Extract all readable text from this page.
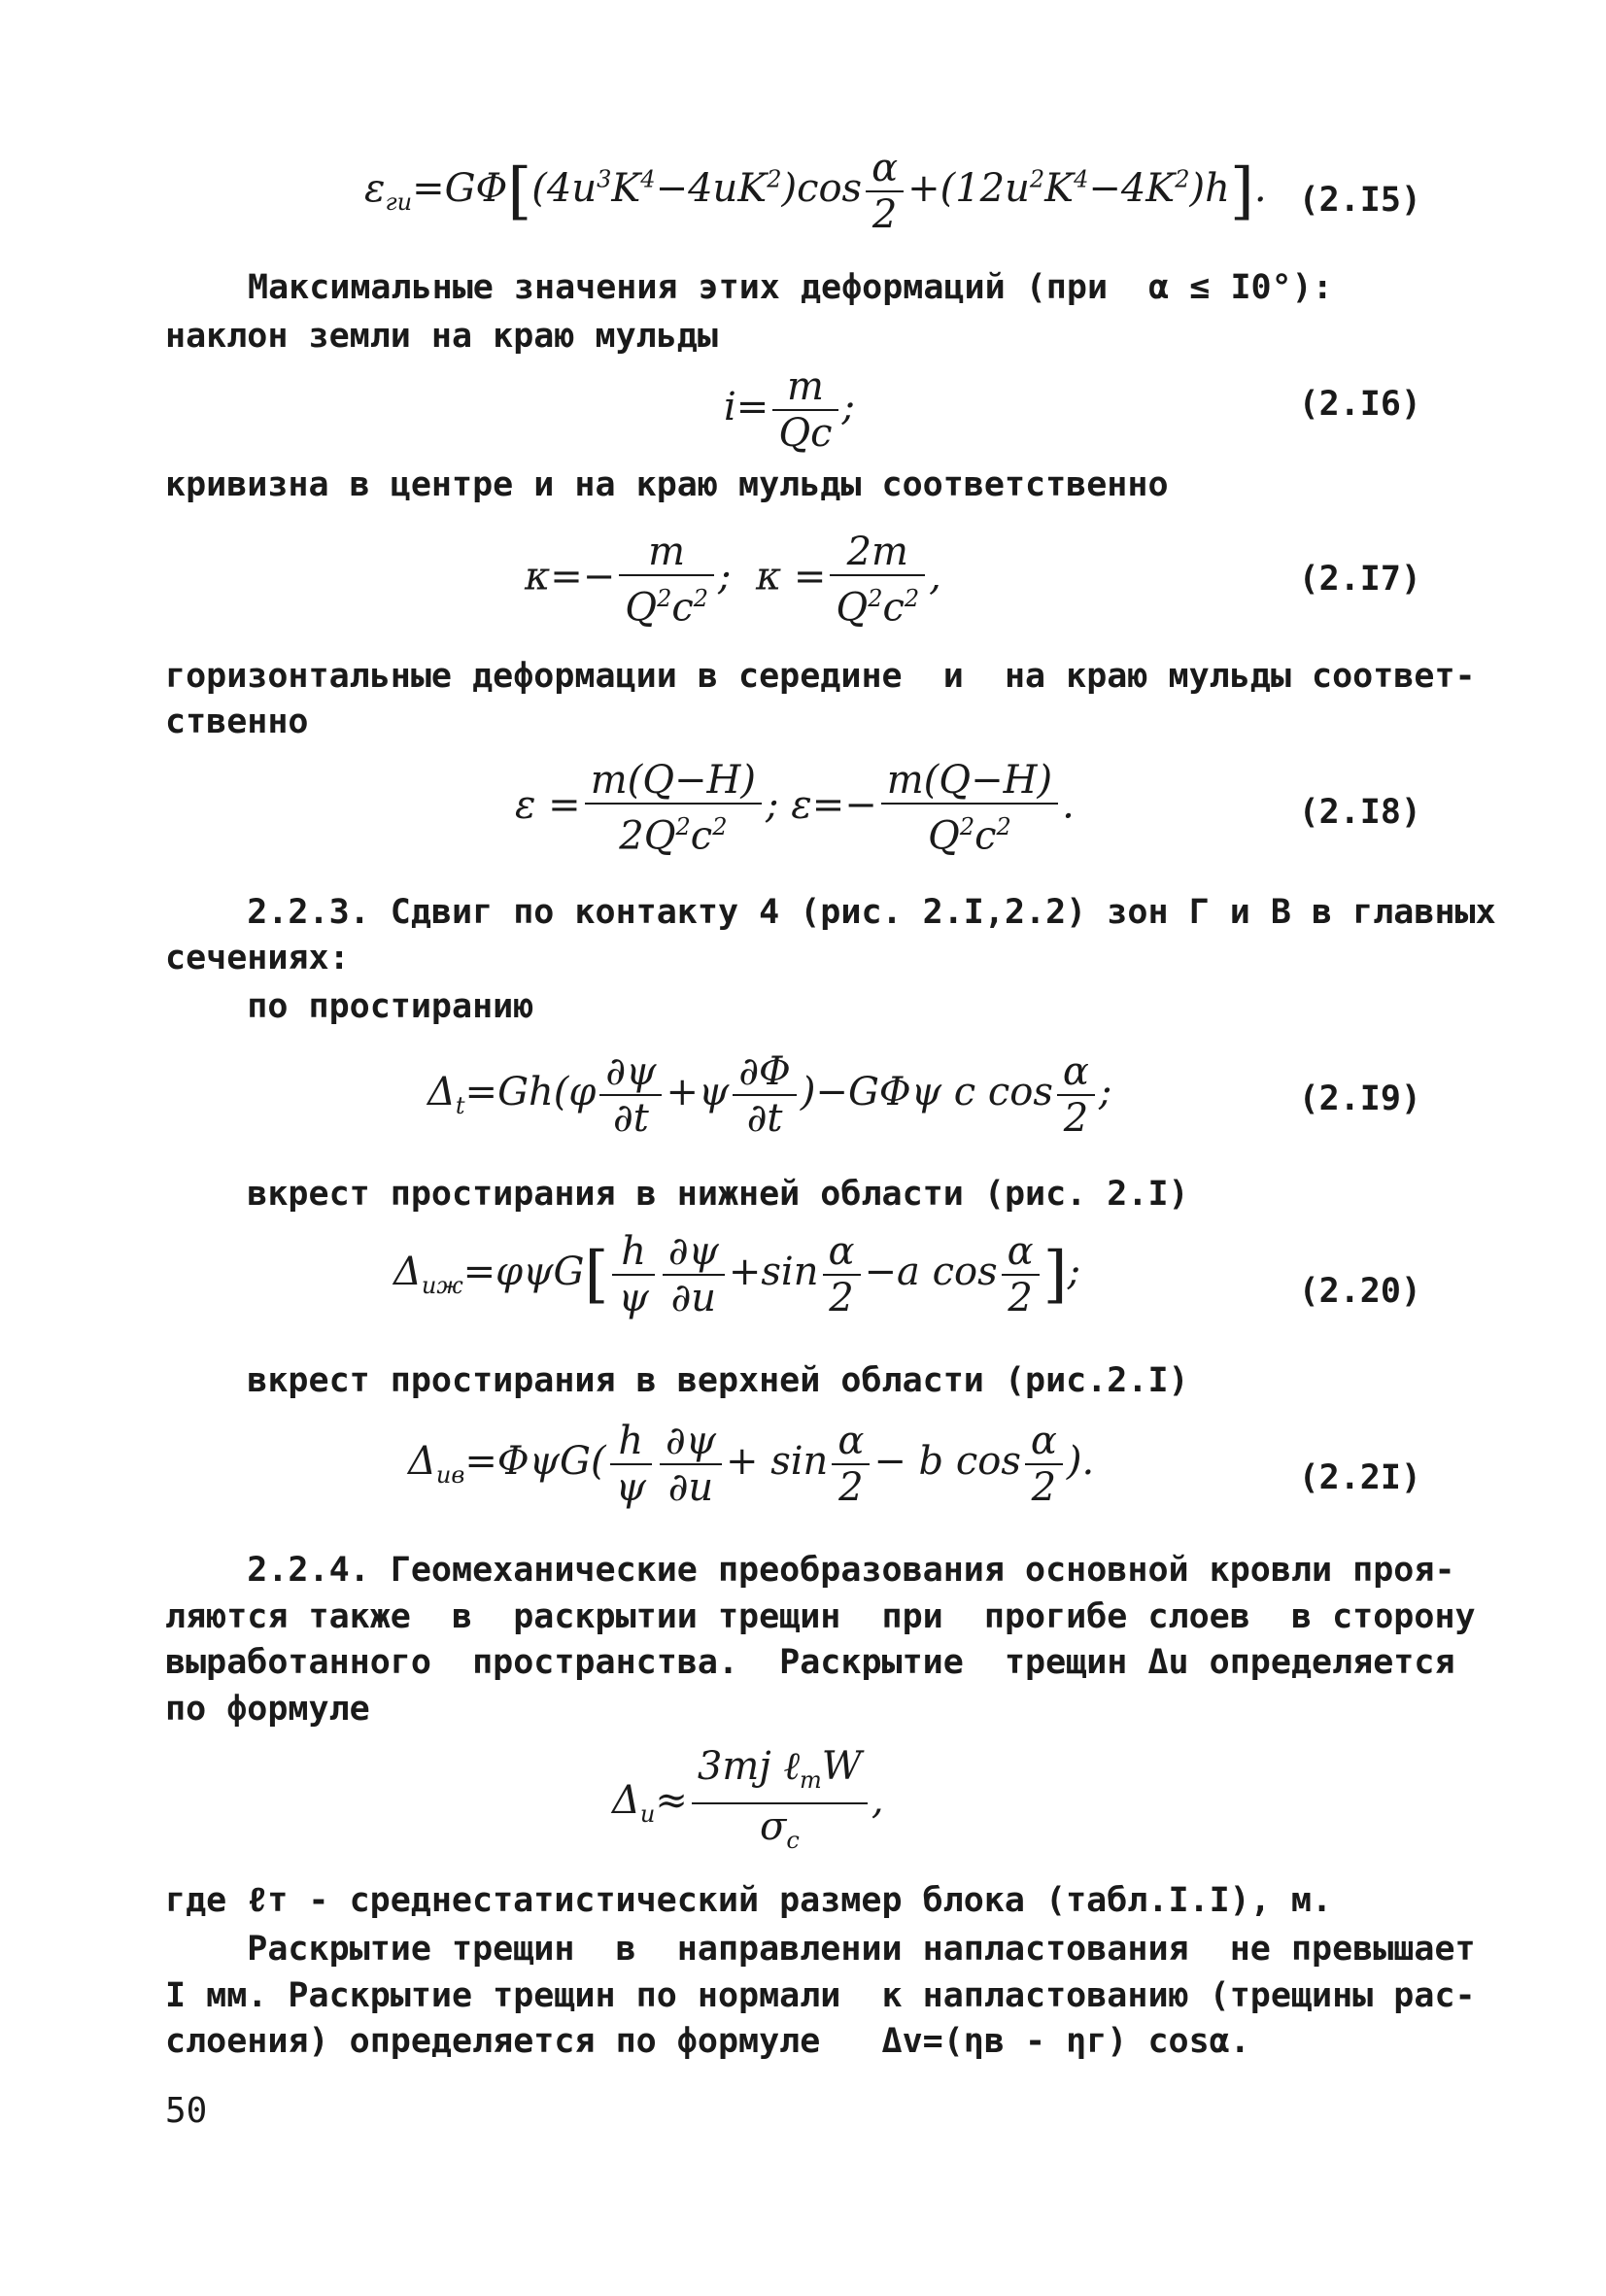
$\varepsilon_{гu}=G\Phi[(4u^3K^4-4uK^2)\cos \frac{\alpha}{2} +(12u^2K^4-4K^2)h]$. (2.I5)
Максимальные значения этих деформаций (при  α ≤ I0°):
наклон земли на краю мульды
$i= \frac{m}{Qc}$ ;	(2.I6)
кривизна в центре и на краю мульды соответственно
$\kappa=- \frac{m}{Q^2c^2}$ ;  $\kappa = \frac{2m}{Q^2c^2}$ ,	(2.I7)
горизонтальные деформации в середине  и  на краю мульды соответ-
ственно
$\varepsilon = \frac{m(Q-H)}{2Q^2c^2}$ ; $\varepsilon=- \frac{m(Q-H)}{Q^2c^2}$ .	(2.I8)
2.2.3. Сдвиг по контакту 4 (рис. 2.I,2.2) зон Г и В в главных
сечениях:
по простиранию
$\Delta_t=Gh(\varphi \frac{\partial\psi}{\partial t} +\psi \frac{\partial\Phi}{\partial t} )-G\Phi\psi$ c $\cos \frac{\alpha}{2}$ ;	(2.I9)
вкрест простирания в нижней области (рис. 2.I)
$\Delta_{uж}=\varphi\psi G[ \frac{h}{\psi} \frac{\partial\psi}{\partial u} +\sin \frac{\alpha}{2} -a$ $\cos \frac{\alpha}{2}$ ];	(2.20)
вкрест простирания в верхней области (рис.2.I)
$\Delta_{uв}=\Phi\psi G( \frac{h}{\psi} \frac{\partial\psi}{\partial u} + \sin \frac{\alpha}{2} - b$ $\cos \frac{\alpha}{2}$ ).	(2.2I)
2.2.4. Геомеханические преобразования основной кровли проя-
ляются также  в  раскрытии трещин  при  прогибе слоев  в сторону
выработанного  пространства.  Раскрытие  трещин Δu определяется
по формуле
$\Delta_u\approx \frac{3mj \ell_тW}{\sigma_c}$ ,
где ℓт - среднестатистический размер блока (табл.I.I), м.
Раскрытие трещин  в  направлении напластования  не превышает
I мм. Раскрытие трещин по нормали  к напластованию (трещины рас-
слоения) определяется по формуле   Δv=(ηв - ηг) cosα.
50
